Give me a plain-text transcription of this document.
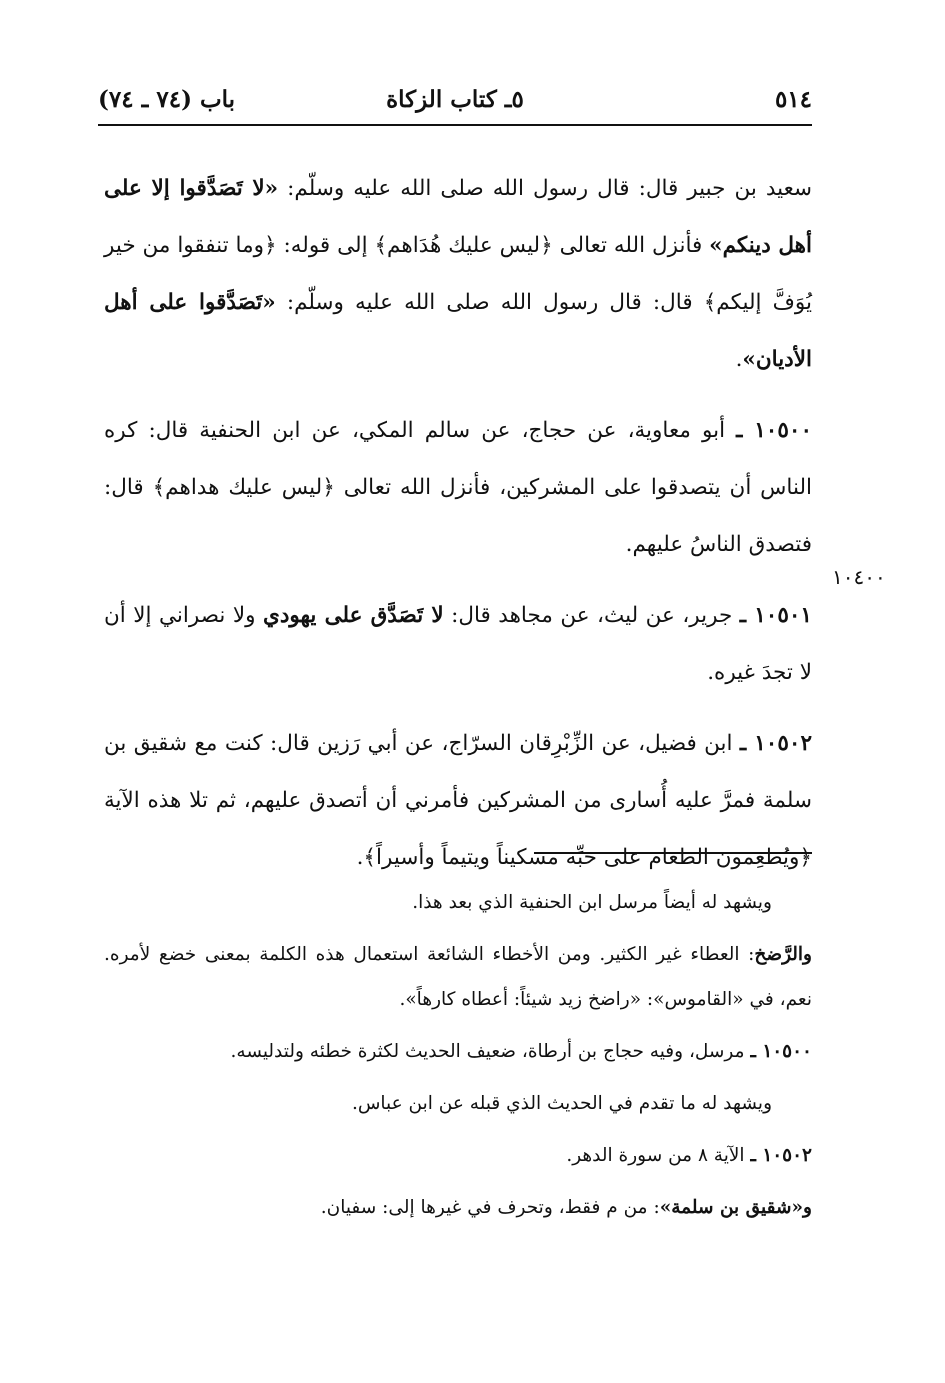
٥١٤
٥ـ كتاب الزكاة
باب (٧٤ ـ ٧٤)
١٠٤٠٠

سعيد بن جبير قال: قال رسول الله صلى الله عليه وسلّم: «لا تَصَدَّقوا إلا على أهل دينكم» فأنزل الله تعالى ﴿ليس عليك هُدَاهم﴾ إلى قوله: ﴿وما تنفقوا من خير يُوَفَّ إليكم﴾ قال: قال رسول الله صلى الله عليه وسلّم: «تَصَدَّقوا على أهل الأديان».

١٠٥٠٠ ـ أبو معاوية، عن حجاج، عن سالم المكي، عن ابن الحنفية قال: كره الناس أن يتصدقوا على المشركين، فأنزل الله تعالى ﴿ليس عليك هداهم﴾ قال: فتصدق الناسُ عليهم.

١٠٥٠١ ـ جرير، عن ليث، عن مجاهد قال: لا تَصَدَّق على يهودي ولا نصراني إلا أن لا تجدَ غيره.

١٠٥٠٢ ـ ابن فضيل، عن الزِّبْرِقان السرّاج، عن أبي رَزين قال: كنت مع شقيق بن سلمة فمرَّ عليه أُسارى من المشركين فأمرني أن أتصدق عليهم، ثم تلا هذه الآية ﴿ويُطعِمون الطعام على حبِّه مسكيناً ويتيماً وأسيراً﴾.

ويشهد له أيضاً مرسل ابن الحنفية الذي بعد هذا.

والرَّضخ: العطاء غير الكثير. ومن الأخطاء الشائعة استعمال هذه الكلمة بمعنى خضع لأمره. نعم، في «القاموس»: «راضخ زيد شيئاً: أعطاه كارهاً».

١٠٥٠٠ ـ مرسل، وفيه حجاج بن أرطاة، ضعيف الحديث لكثرة خطئه ولتدليسه.

ويشهد له ما تقدم في الحديث الذي قبله عن ابن عباس.

١٠٥٠٢ ـ الآية ٨ من سورة الدهر.

و«شقيق بن سلمة»: من م فقط، وتحرف في غيرها إلى: سفيان.
